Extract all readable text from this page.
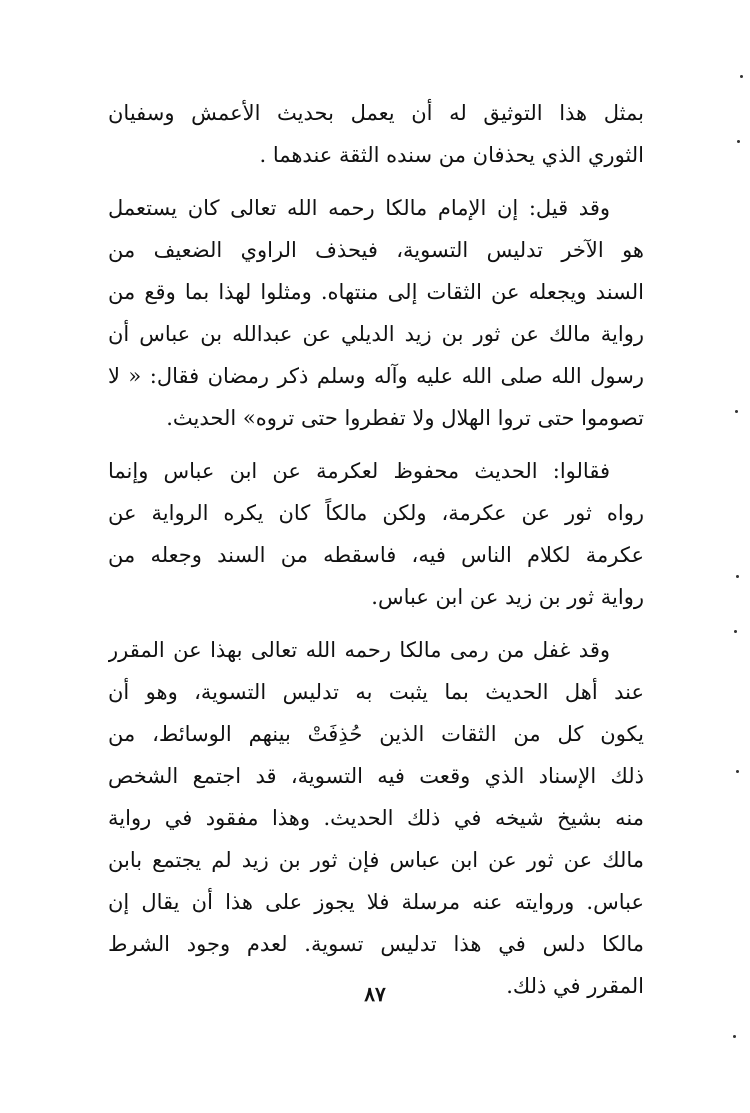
بمثل هذا التوثيق له أن يعمل بحديث الأعمش وسفيان
الثوري الذي يحذفان من سنده الثقة عندهما .
وقد قيل: إن الإمام مالكا رحمه الله تعالى كان يستعمل
هو الآخر تدليس التسوية، فيحذف الراوي الضعيف من
السند ويجعله عن الثقات إلى منتهاه. ومثلوا لهذا بما وقع من
رواية مالك عن ثور بن زيد الديلي عن عبدالله بن عباس أن
رسول الله صلى الله عليه وآله وسلم ذكر رمضان فقال: « لا
تصوموا حتى تروا الهلال ولا تفطروا حتى تروه» الحديث.
فقالوا: الحديث محفوظ لعكرمة عن ابن عباس وإنما
رواه ثور عن عكرمة، ولكن مالكاً كان يكره الرواية عن
عكرمة لكلام الناس فيه، فاسقطه من السند وجعله من
رواية ثور بن زيد عن ابن عباس.
وقد غفل من رمى مالكا رحمه الله تعالى بهذا عن المقرر
عند أهل الحديث بما يثبت به تدليس التسوية، وهو أن
يكون كل من الثقات الذين حُذِفَتْ بينهم الوسائط، من
ذلك الإسناد الذي وقعت فيه التسوية، قد اجتمع الشخص
منه بشيخ شيخه في ذلك الحديث. وهذا مفقود في رواية
مالك عن ثور عن ابن عباس فإن ثور بن زيد لم يجتمع بابن
عباس. وروايته عنه مرسلة فلا يجوز على هذا أن يقال إن
مالكا دلس في هذا تدليس تسوية. لعدم وجود الشرط
المقرر في ذلك.
٨٧
